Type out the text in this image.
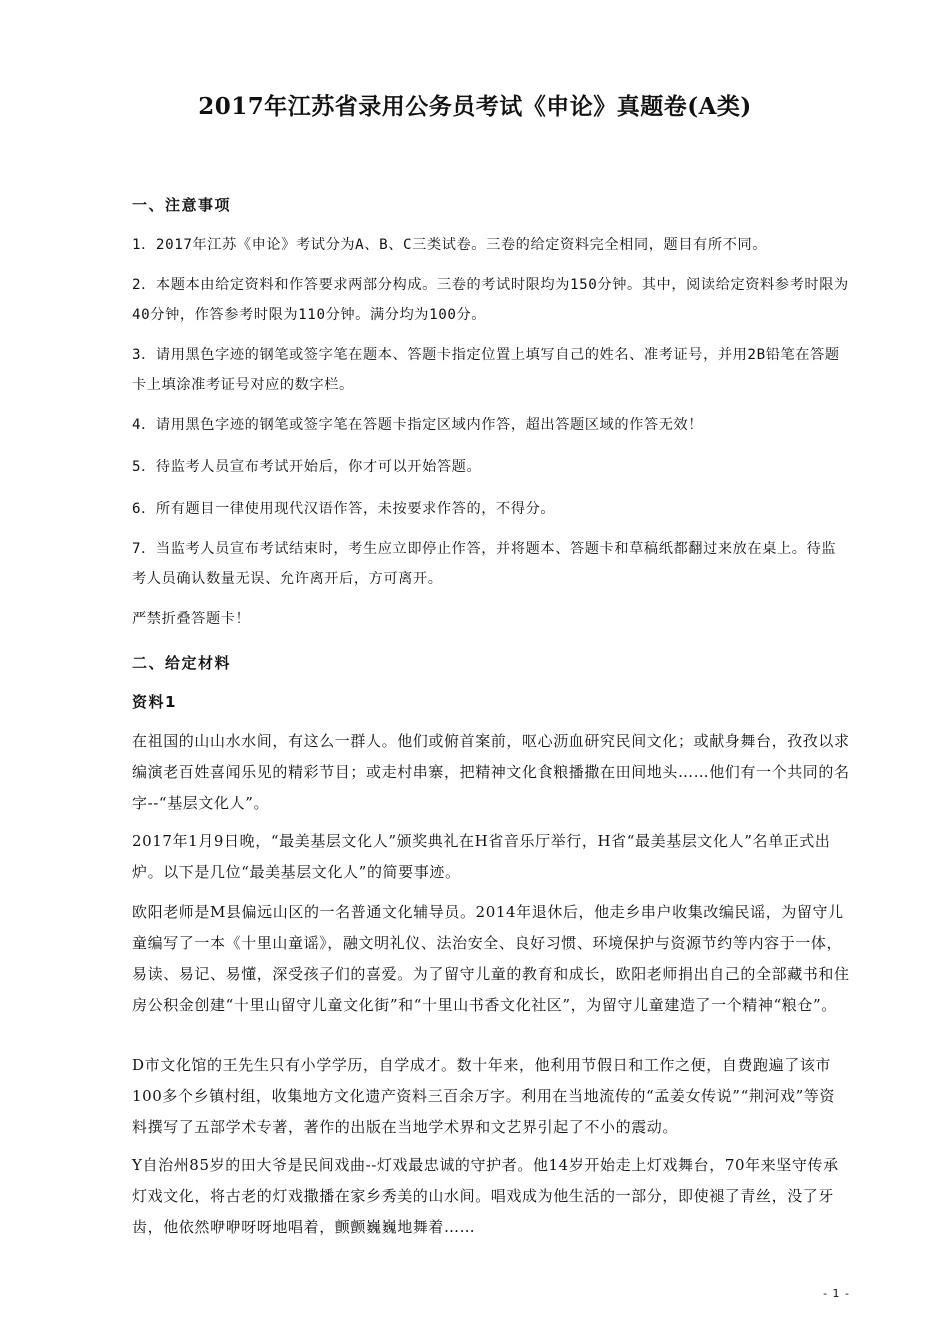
2017年江苏省录用公务员考试《申论》真题卷(A类)
一、注意事项

1．2017年江苏《申论》考试分为A、B、C三类试卷。三卷的给定资料完全相同，题目有所不同。

2．本题本由给定资料和作答要求两部分构成。三卷的考试时限均为150分钟。其中，阅读给定资料参考时限为40分钟，作答参考时限为110分钟。满分均为100分。

3．请用黑色字迹的钢笔或签字笔在题本、答题卡指定位置上填写自己的姓名、准考证号，并用2B铅笔在答题卡上填涂准考证号对应的数字栏。

4．请用黑色字迹的钢笔或签字笔在答题卡指定区域内作答，超出答题区域的作答无效！

5．待监考人员宣布考试开始后，你才可以开始答题。

6．所有题目一律使用现代汉语作答，未按要求作答的，不得分。

7．当监考人员宣布考试结束时，考生应立即停止作答，并将题本、答题卡和草稿纸都翻过来放在桌上。待监考人员确认数量无误、允许离开后，方可离开。

严禁折叠答题卡！

二、给定材料
资料1

在祖国的山山水水间，有这么一群人。他们或俯首案前，呕心沥血研究民间文化；或献身舞台，孜孜以求编演老百姓喜闻乐见的精彩节目；或走村串寨，把精神文化食粮播撒在田间地头……他们有一个共同的名字--“基层文化人”。

2017年1月9日晚，“最美基层文化人”颁奖典礼在H省音乐厅举行，H省“最美基层文化人”名单正式出炉。以下是几位“最美基层文化人”的简要事迹。

欧阳老师是M县偏远山区的一名普通文化辅导员。2014年退休后，他走乡串户收集改编民谣，为留守儿童编写了一本《十里山童谣》，融文明礼仪、法治安全、良好习惯、环境保护与资源节约等内容于一体，易读、易记、易懂，深受孩子们的喜爱。为了留守儿童的教育和成长，欧阳老师捐出自己的全部藏书和住房公积金创建“十里山留守儿童文化街”和“十里山书香文化社区”，为留守儿童建造了一个精神“粮仓”。

D市文化馆的王先生只有小学学历，自学成才。数十年来，他利用节假日和工作之便，自费跑遍了该市100多个乡镇村组，收集地方文化遗产资料三百余万字。利用在当地流传的“孟姜女传说”“荆河戏”等资料撰写了五部学术专著，著作的出版在当地学术界和文艺界引起了不小的震动。

Y自治州85岁的田大爷是民间戏曲--灯戏最忠诚的守护者。他14岁开始走上灯戏舞台，70年来坚守传承灯戏文化，将古老的灯戏撒播在家乡秀美的山水间。唱戏成为他生活的一部分，即使褪了青丝，没了牙齿，他依然咿咿呀呀地唱着，颤颤巍巍地舞着……

- 1 -
